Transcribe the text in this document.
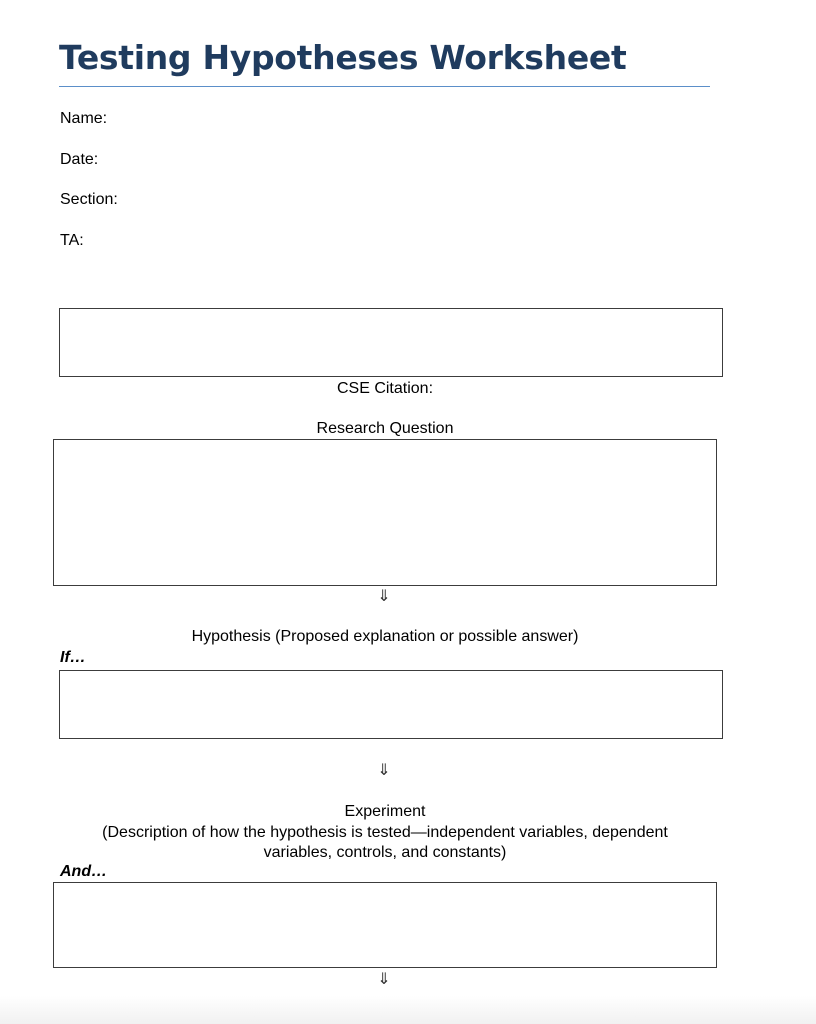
Testing Hypotheses Worksheet
Name:
Date:
Section:
TA:
CSE Citation:
Research Question
⇓
Hypothesis (Proposed explanation or possible answer)
If…
⇓
Experiment
(Description of how the hypothesis is tested—independent variables, dependent
variables, controls, and constants)
And…
⇓
